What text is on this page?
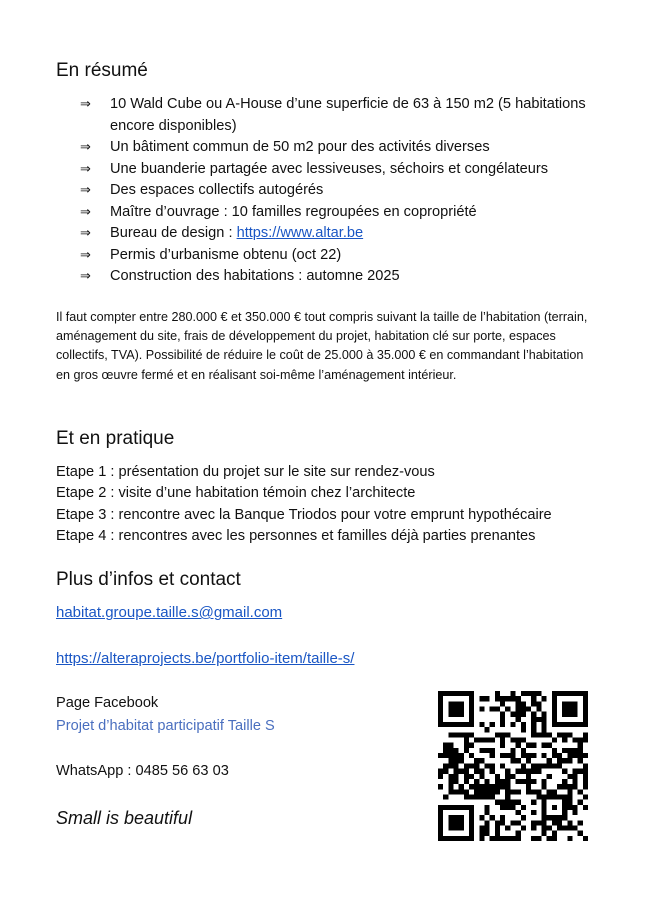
En résumé
⇒	10 Wald Cube ou A-House d’une superficie de 63 à 150 m2 (5 habitations encore disponibles)
⇒	Un bâtiment commun de 50 m2 pour des activités diverses
⇒	Une buanderie partagée avec lessiveuses, séchoirs et congélateurs
⇒	Des espaces collectifs autogérés
⇒	Maître d’ouvrage : 10 familles regroupées en copropriété
⇒	Bureau de design : https://www.altar.be
⇒	Permis d’urbanisme obtenu (oct 22)
⇒	Construction des habitations : automne 2025

Il faut compter entre 280.000 € et 350.000 € tout compris suivant la taille de l’habitation (terrain, aménagement du site, frais de développement du projet, habitation clé sur porte, espaces collectifs, TVA). Possibilité de réduire le coût de 25.000 à 35.000 € en commandant l’habitation en gros œuvre fermé et en réalisant soi-même l’aménagement intérieur.

Et en pratique
Etape 1 : présentation du projet sur le site sur rendez-vous
Etape 2 : visite d’une habitation témoin chez l’architecte
Etape 3 : rencontre avec la Banque Triodos pour votre emprunt hypothécaire
Etape 4 : rencontres avec les personnes et familles déjà parties prenantes
Plus d’infos et contact
habitat.groupe.taille.s@gmail.com
https://alteraprojects.be/portfolio-item/taille-s/
Page Facebook
Projet d’habitat participatif Taille S
WhatsApp : 0485 56 63 03
Small is beautiful
